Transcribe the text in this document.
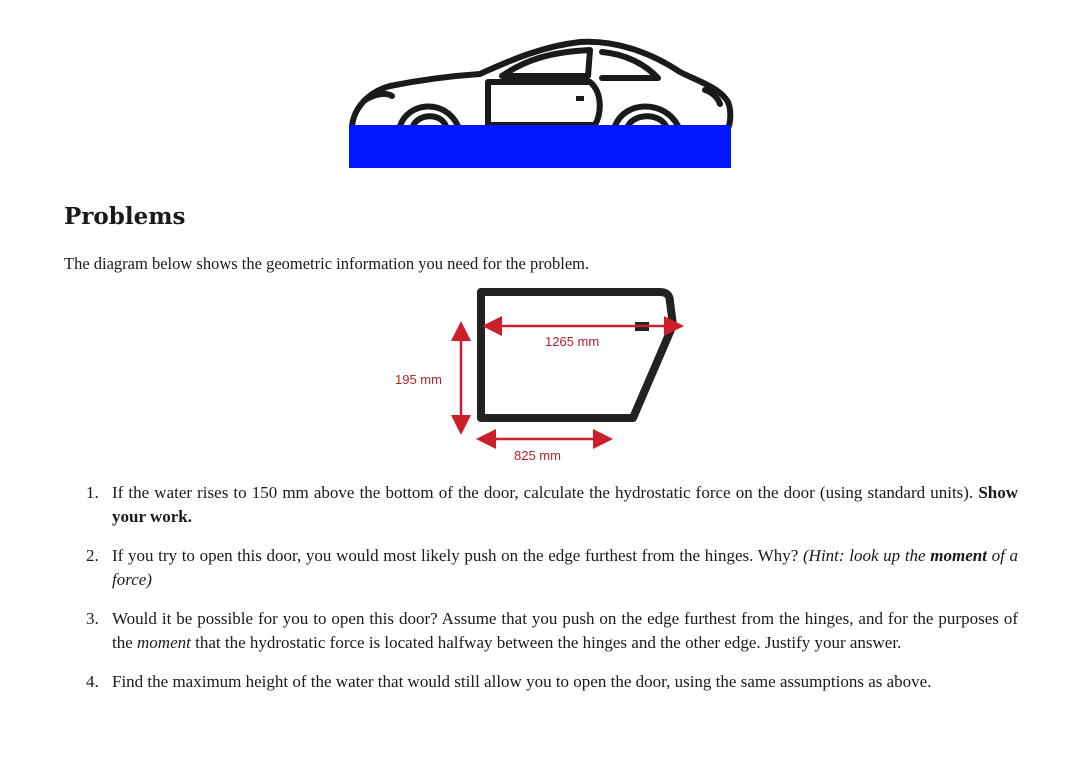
Problems

The diagram below shows the geometric information you need for the problem.

1265 mm
195 mm
825 mm
1. If the water rises to 150 mm above the bottom of the door, calculate the hydrostatic force on the door (using standard units). Show your work.
2. If you try to open this door, you would most likely push on the edge furthest from the hinges. Why? (Hint: look up the moment of a force)
3. Would it be possible for you to open this door? Assume that you push on the edge furthest from the hinges, and for the purposes of the moment that the hydrostatic force is located halfway between the hinges and the other edge. Justify your answer.
4. Find the maximum height of the water that would still allow you to open the door, using the same assumptions as above.
